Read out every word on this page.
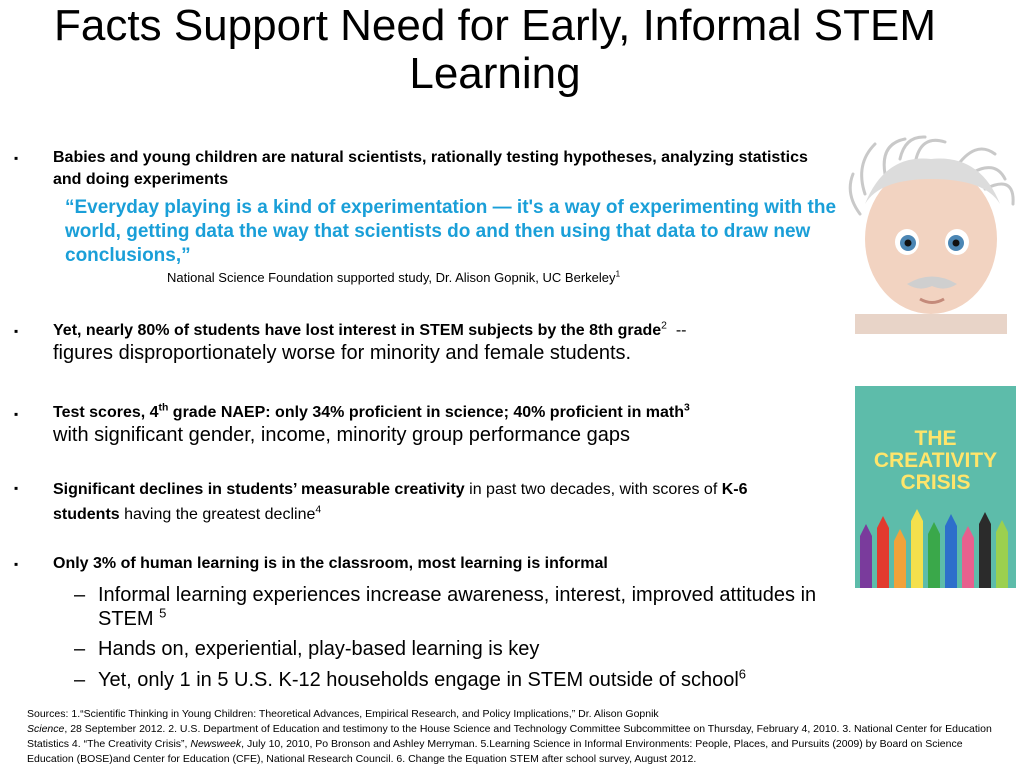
Facts Support Need for Early, Informal STEM Learning
▪ Babies and young children are natural scientists, rationally testing hypotheses, analyzing statistics and doing experiments
“Everyday playing is a kind of experimentation — it's a way of experimenting with the world, getting data the way that scientists do and then using that data to draw new conclusions,”
National Science Foundation supported study, Dr. Alison Gopnik, UC Berkeley$^1$
▪ Yet, nearly 80% of students have lost interest in STEM subjects by the 8th grade$^2$  --
figures disproportionately worse for minority and female students.
▪ Test scores, 4th grade NAEP: only 34% proficient in science; 40% proficient in math$^3$
with significant gender, income, minority group performance gaps
▪ Significant declines in students’ measurable creativity in past two decades, with scores of K-6 students having the greatest decline$^4$
▪ Only 3% of human learning is in the classroom, most learning is informal
– Informal learning experiences increase awareness, interest, improved attitudes in STEM $^5$
– Hands on, experiential, play-based learning is key
– Yet, only 1 in 5 U.S. K-12 households engage in STEM outside of school$^6$
THE CREATIVITY CRISIS
Sources: 1.“Scientific Thinking in Young Children: Theoretical Advances, Empirical Research, and Policy Implications,” Dr. Alison Gopnik
Science, 28 September 2012. 2. U.S. Department of Education and testimony to the House Science and Technology Committee Subcommittee on Thursday, February 4, 2010. 3. National Center for Education Statistics 4. “The Creativity Crisis”, Newsweek, July 10, 2010, Po Bronson and Ashley Merryman. 5.Learning Science in Informal Environments: People, Places, and Pursuits (2009) by Board on Science Education (BOSE)and Center for Education (CFE), National Research Council. 6. Change the Equation STEM after school survey, August 2012.
